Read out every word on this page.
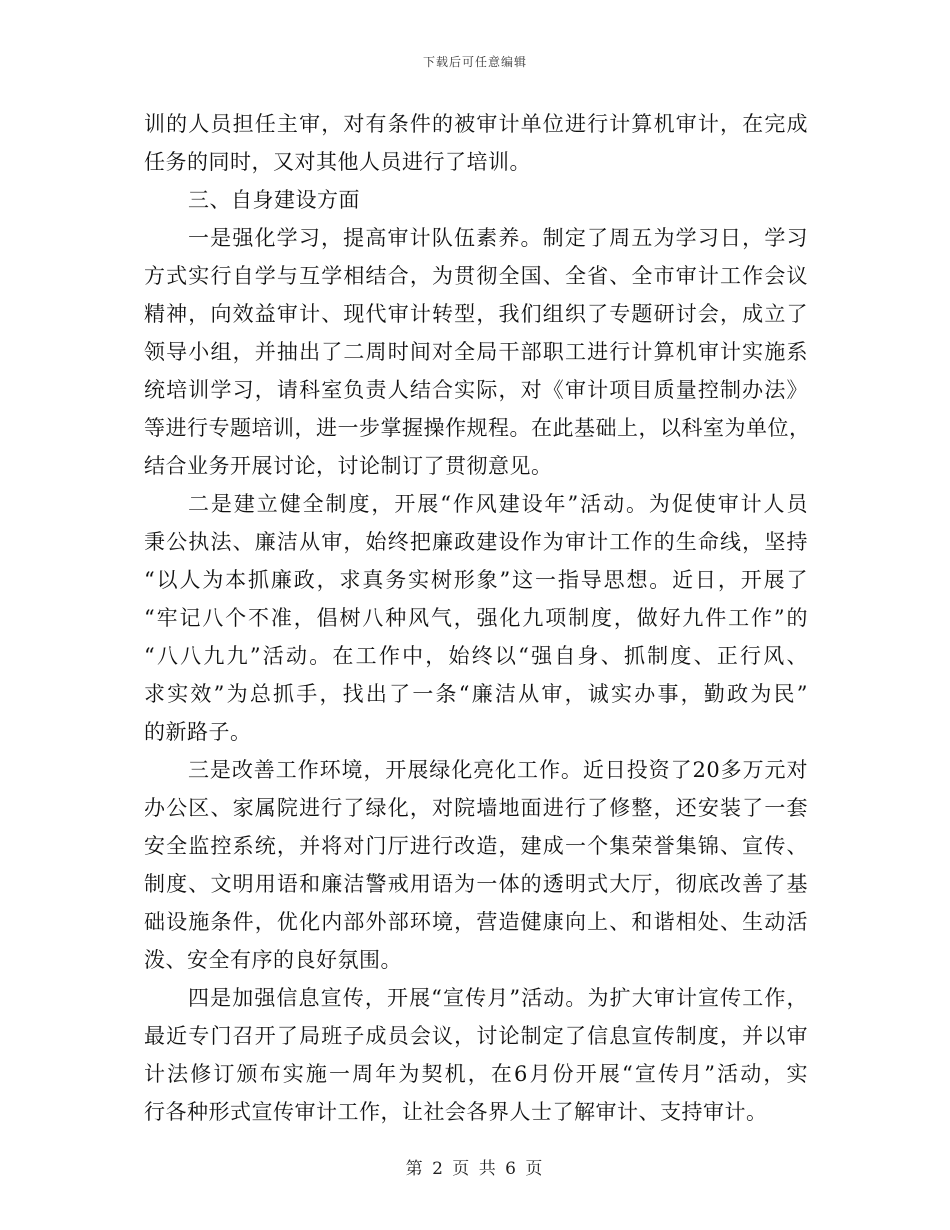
下载后可任意编辑
训的人员担任主审，对有条件的被审计单位进行计算机审计，在完成
任务的同时，又对其他人员进行了培训。
三、自身建设方面
一是强化学习，提高审计队伍素养。制定了周五为学习日，学习
方式实行自学与互学相结合，为贯彻全国、全省、全市审计工作会议
精神，向效益审计、现代审计转型，我们组织了专题研讨会，成立了
领导小组，并抽出了二周时间对全局干部职工进行计算机审计实施系
统培训学习，请科室负责人结合实际，对《审计项目质量控制办法》
等进行专题培训，进一步掌握操作规程。在此基础上，以科室为单位，
结合业务开展讨论，讨论制订了贯彻意见。
二是建立健全制度，开展“作风建设年”活动。为促使审计人员
秉公执法、廉洁从审，始终把廉政建设作为审计工作的生命线，坚持
“以人为本抓廉政，求真务实树形象”这一指导思想。近日，开展了
“牢记八个不准，倡树八种风气，强化九项制度，做好九件工作”的
“八八九九”活动。在工作中，始终以“强自身、抓制度、正行风、
求实效”为总抓手，找出了一条“廉洁从审，诚实办事，勤政为民”
的新路子。
三是改善工作环境，开展绿化亮化工作。近日投资了20多万元对
办公区、家属院进行了绿化，对院墙地面进行了修整，还安装了一套
安全监控系统，并将对门厅进行改造，建成一个集荣誉集锦、宣传、
制度、文明用语和廉洁警戒用语为一体的透明式大厅，彻底改善了基
础设施条件，优化内部外部环境，营造健康向上、和谐相处、生动活
泼、安全有序的良好氛围。
四是加强信息宣传，开展“宣传月”活动。为扩大审计宣传工作，
最近专门召开了局班子成员会议，讨论制定了信息宣传制度，并以审
计法修订颁布实施一周年为契机，在6月份开展“宣传月”活动，实
行各种形式宣传审计工作，让社会各界人士了解审计、支持审计。
第 2 页 共 6 页
